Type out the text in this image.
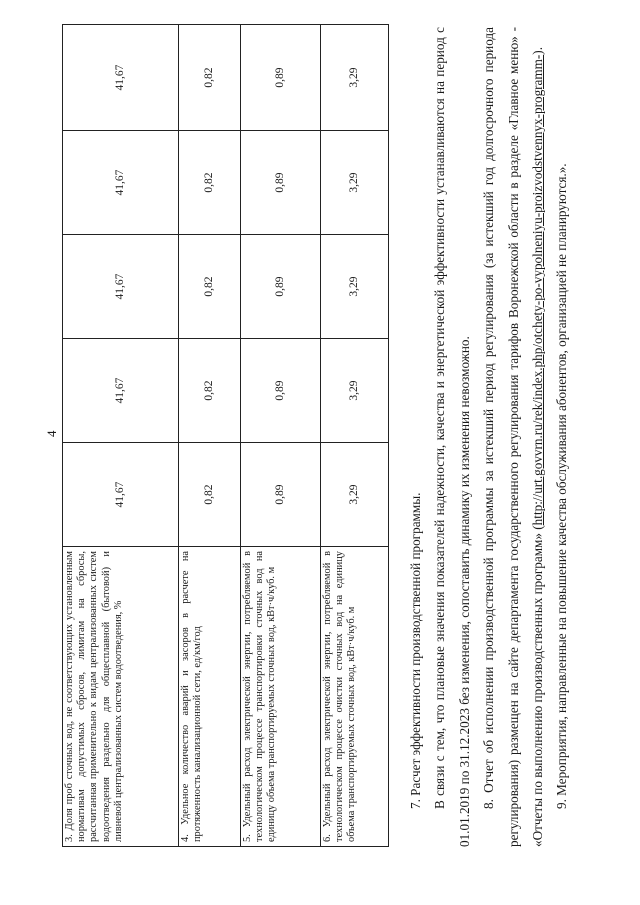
4
3. Доля проб сточных вод, не соответствующих установленным нормативам допустимых сбросов, лимитам на сбросы, рассчитанная применительно к видам централизованных систем водоотведения раздельно для общесплавной (бытовой) и ливневой централизованных систем водоотведения, %	41,67	41,67	41,67	41,67	41,67
4. Удельное количество аварий и засоров в расчете на протяженность канализационной сети, ед/км/год	0,82	0,82	0,82	0,82	0,82
5. Удельный расход электрической энергии, потребляемой в технологическом процессе транспортировки сточных вод на единицу объема транспортируемых сточных вод, кВт·ч/куб. м	0,89	0,89	0,89	0,89	0,89
6. Удельный расход электрической энергии, потребляемой в технологическом процессе очистки сточных вод на единицу объема транспортируемых сточных вод, кВт·ч/куб. м	3,29	3,29	3,29	3,29	3,29

7. Расчет эффективности производственной программы. В связи с тем, что плановые значения показателей надежности, качества и энергетической эффективности устанавливаются на период с 01.01.2019 по 31.12.2023 без изменения, сопоставить динамику их изменения невозможно. 8. Отчет об исполнении производственной программы за истекший период регулирования (за истекший год долгосрочного периода регулирования) размещен на сайте департамента государственного регулирования тарифов Воронежской области в разделе «Главное меню» - «Отчеты по выполнению производственных программ» (http://urt.govvrn.ru/rek/index.php/otchety-po-vypolneniyu-proizvodstvennyx-programm-).

9. Мероприятия, направленные на повышение качества обслуживания абонентов, организацией не планируются.».
